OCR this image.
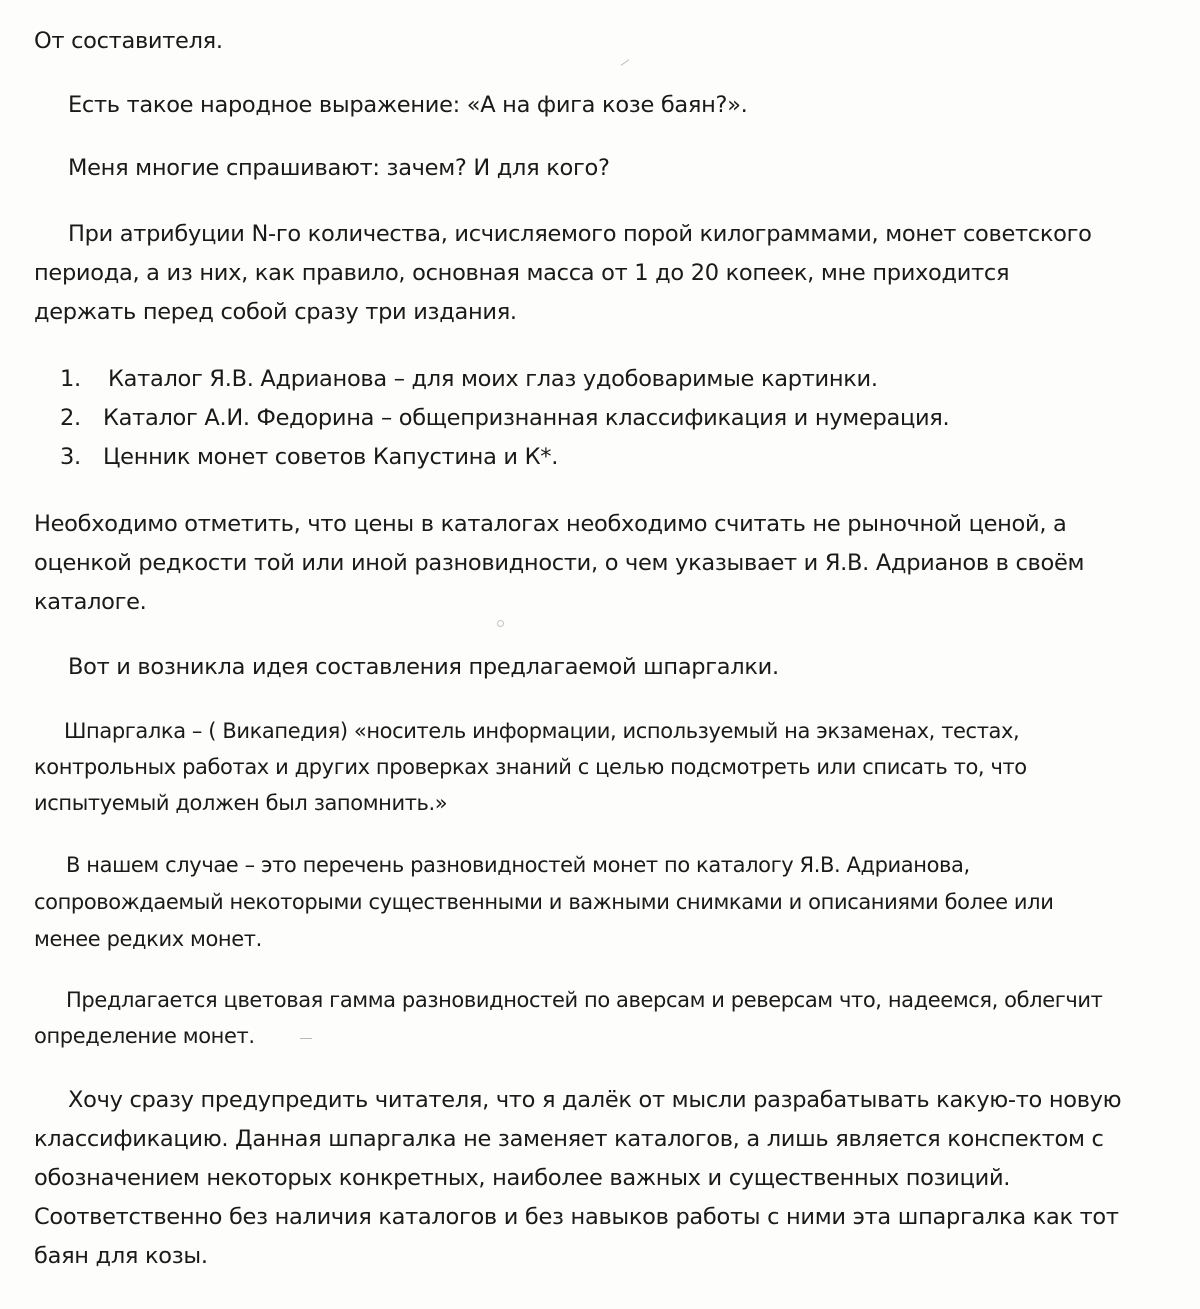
От составителя.
Есть такое народное выражение: «А на фига козе баян?».
Меня многие спрашивают: зачем? И для кого?
При атрибуции N-го количества, исчисляемого порой килограммами, монет советского
периода, а из них, как правило, основная масса от 1 до 20 копеек, мне приходится
держать перед собой сразу три издания.
1. Каталог Я.В. Адрианова – для моих глаз удобоваримые картинки.
2. Каталог А.И. Федорина – общепризнанная классификация и нумерация.
3. Ценник монет советов Капустина и К*.
Необходимо отметить, что цены в каталогах необходимо считать не рыночной ценой, а
оценкой редкости той или иной разновидности, о чем указывает и Я.В. Адрианов в своём
каталоге.
Вот и возникла идея составления предлагаемой шпаргалки.
Шпаргалка – ( Викапедия) «носитель информации, используемый на экзаменах, тестах,
контрольных работах и других проверках знаний с целью подсмотреть или списать то, что
испытуемый должен был запомнить.»
В нашем случае – это перечень разновидностей монет по каталогу Я.В. Адрианова,
сопровождаемый некоторыми существенными и важными снимками и описаниями более или
менее редких монет.
Предлагается цветовая гамма разновидностей по аверсам и реверсам что, надеемся, облегчит
определение монет.
Хочу сразу предупредить читателя, что я далёк от мысли разрабатывать какую-то новую
классификацию. Данная шпаргалка не заменяет каталогов, а лишь является конспектом с
обозначением некоторых конкретных, наиболее важных и существенных позиций.
Соответственно без наличия каталогов и без навыков работы с ними эта шпаргалка как тот
баян для козы.
